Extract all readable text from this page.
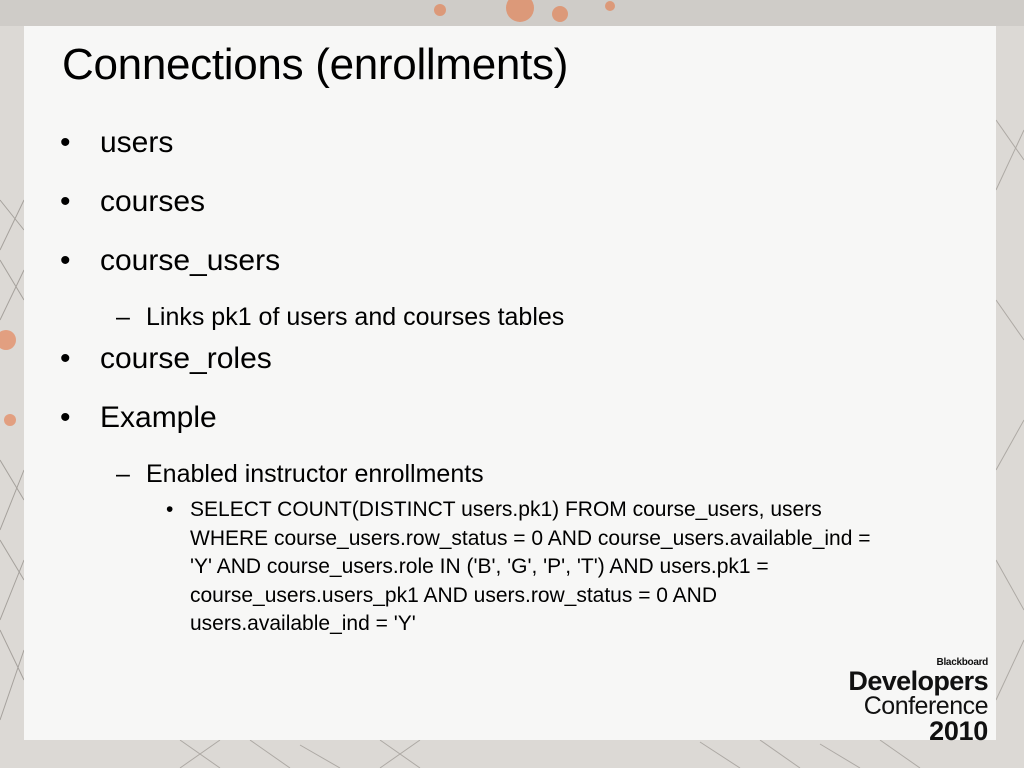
Connections (enrollments)
• users
• courses
• course_users
– Links pk1 of users and courses tables
• course_roles
• Example
– Enabled instructor enrollments
• SELECT COUNT(DISTINCT users.pk1) FROM course_users, users WHERE course_users.row_status = 0 AND course_users.available_ind = 'Y' AND course_users.role IN ('B', 'G', 'P', 'T') AND users.pk1 = course_users.users_pk1 AND users.row_status = 0 AND users.available_ind = 'Y'
Blackboard
Developers
Conference
2010
